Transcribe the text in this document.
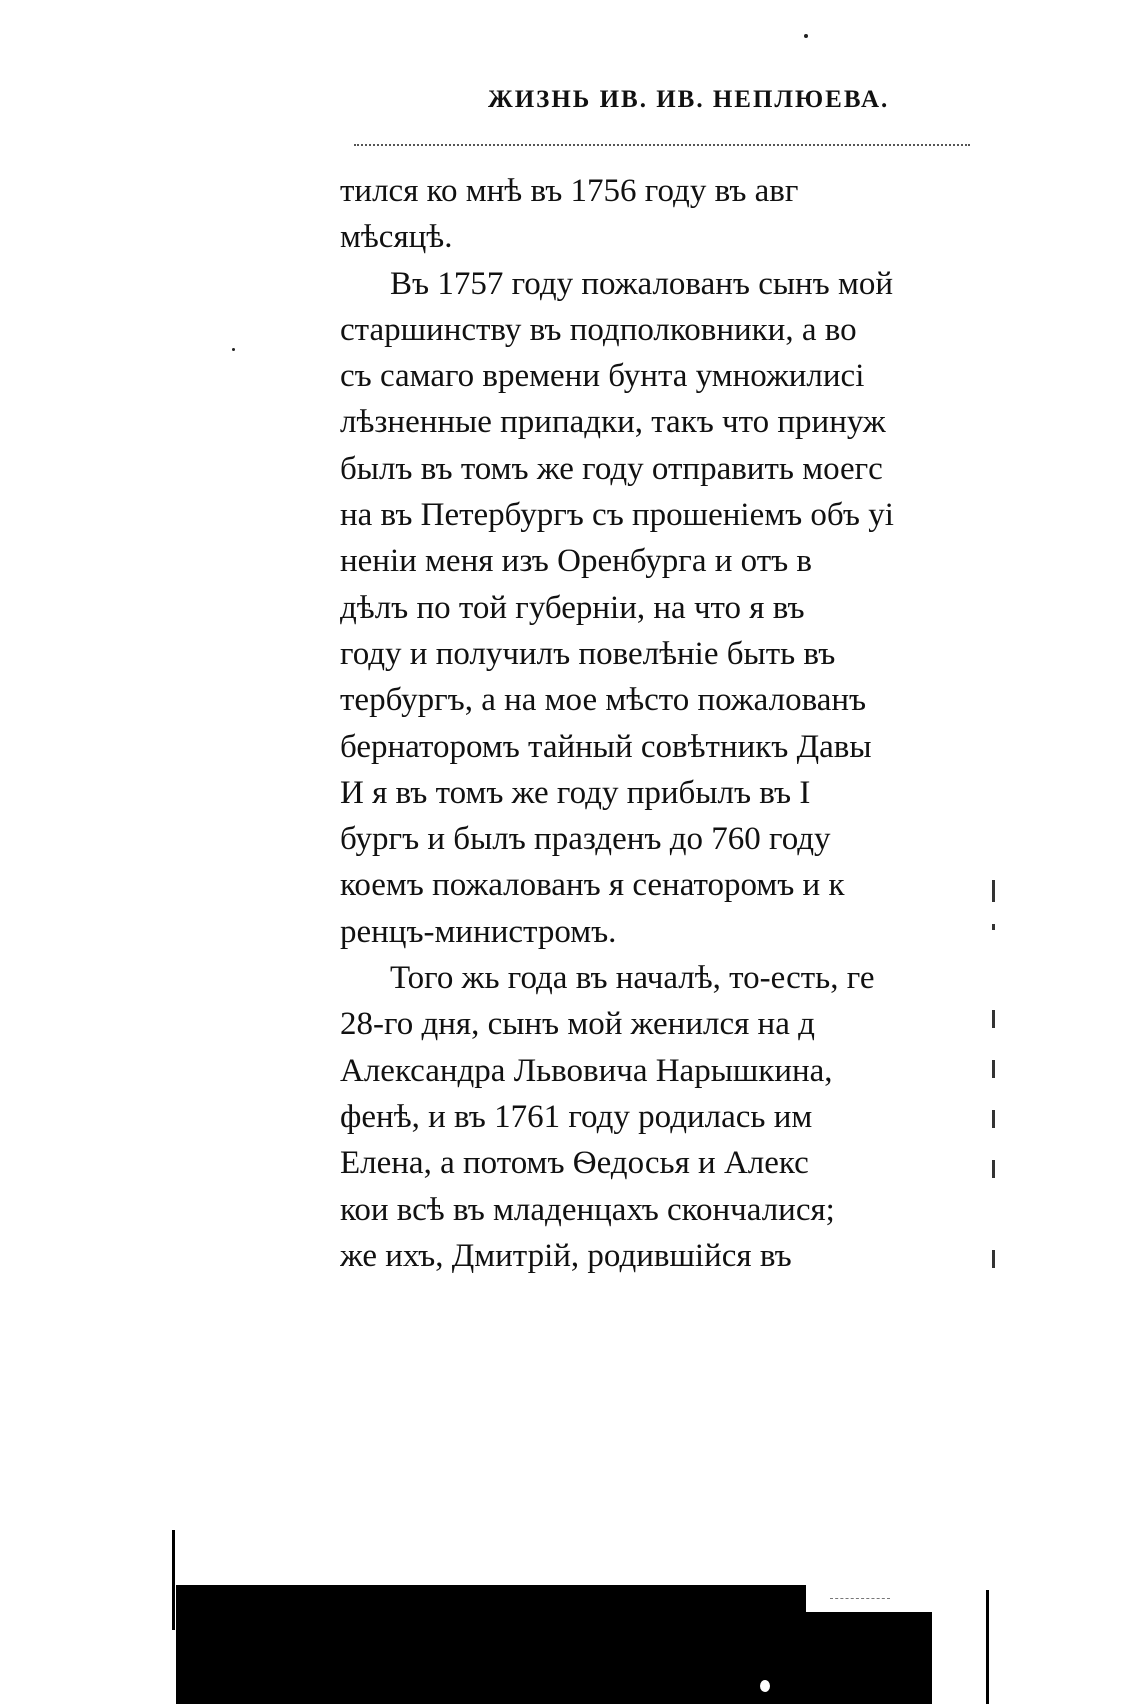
ЖИЗНЬ ИВ. ИВ. НЕПЛЮЕВА.
тился ко мнѣ въ 1756 году въ авг
мѣсяцѣ.
Въ 1757 году пожалованъ сынъ мой
старшинству въ подполковники, а во
съ самаго времени бунта умножилисі
лѣзненные припадки, такъ что принуж
былъ въ томъ же году отправить моегс
на въ Петербургъ съ прошеніемъ объ уі
неніи меня изъ Оренбурга и отъ в
дѣлъ по той губерніи, на что я въ
году и получилъ повелѣніе быть въ
тербургъ, а на мое мѣсто пожалованъ
бернаторомъ тайный совѣтникъ Давы
И я въ томъ же году прибылъ въ I
бургъ и былъ празденъ до 760 году
коемъ пожалованъ я сенаторомъ и к
ренцъ-министромъ.
Того жь года въ началѣ, то-есть, ге
28-го дня, сынъ мой женился на д
Александра Львовича Нарышкина,
фенѣ, и въ 1761 году родилась им
Елена, а потомъ Ѳедосья и Алекс
кои всѣ въ младенцахъ скончалися;
же ихъ, Дмитрій, родившійся въ
